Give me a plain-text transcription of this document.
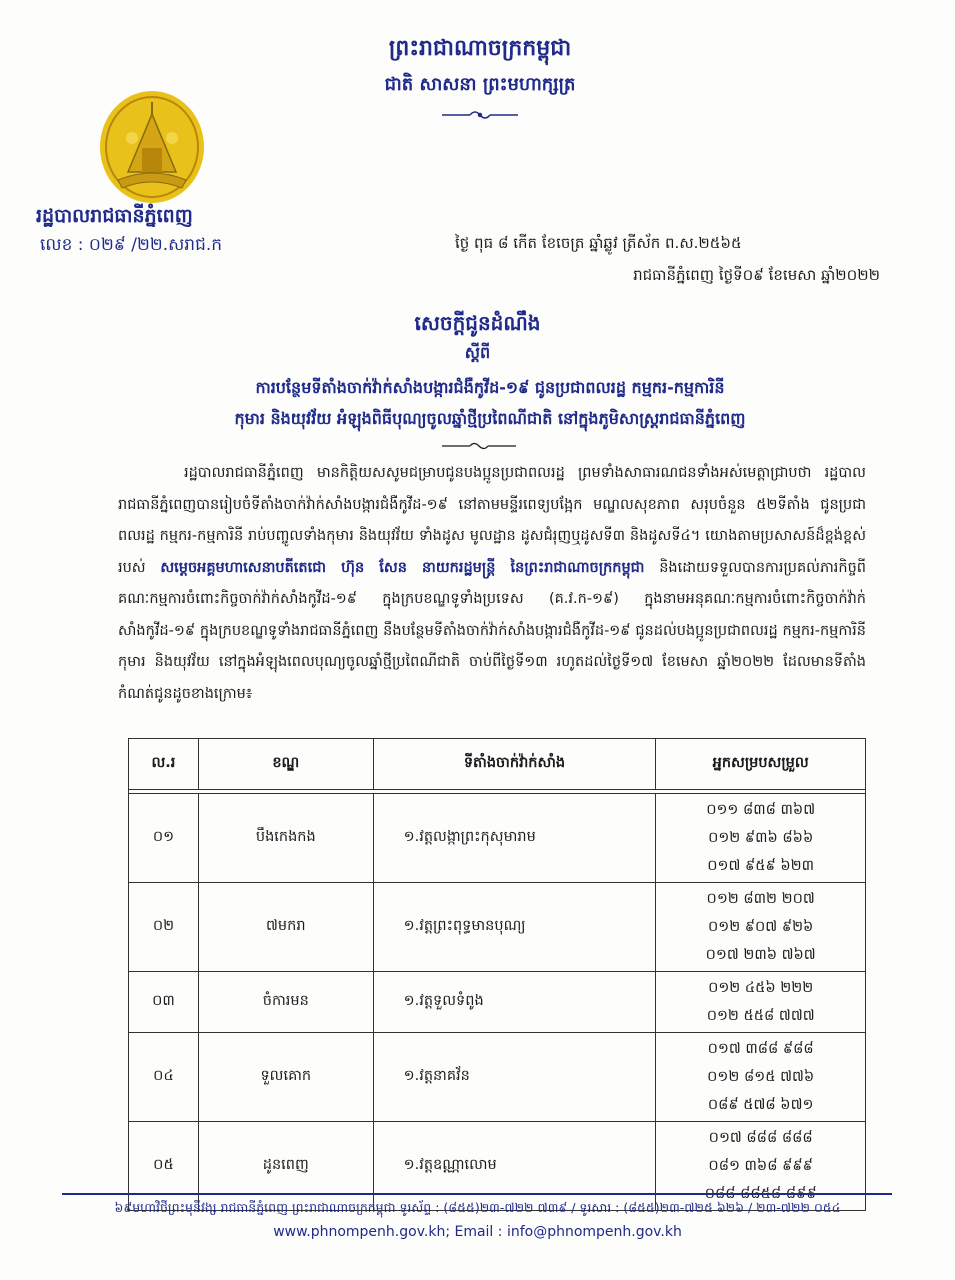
ព្រះរាជាណាចក្រកម្ពុជា
ជាតិ សាសនា ព្រះមហាក្សត្រ
រដ្ឋបាលរាជធានីភ្នំពេញ
លេខ : ០២៩ /២២.សរាជ.ក	ថ្ងៃ ពុធ ៨ កើត ខែចេត្រ ឆ្នាំឆ្លូវ ត្រីស័ក ព.ស.២៥៦៥
រាជធានីភ្នំពេញ ថ្ងៃទី០៩ ខែមេសា ឆ្នាំ២០២២
សេចក្តីជូនដំណឹង
ស្តីពី
ការបន្ថែមទីតាំងចាក់វ៉ាក់សាំងបង្ការជំងឺកូវីដ-១៩ ជូនប្រជាពលរដ្ឋ កម្មករ-កម្មការិនី
កុមារ និងយុវវ័យ អំឡុងពិធីបុណ្យចូលឆ្នាំថ្មីប្រពៃណីជាតិ នៅក្នុងភូមិសាស្ត្ររាជធានីភ្នំពេញ
រដ្ឋបាលរាជធានីភ្នំពេញ មានកិត្តិយសសូមជម្រាបជូនបងប្អូនប្រជាពលរដ្ឋ ព្រមទាំងសាធារណជនទាំងអស់មេត្តាជ្រាបថា រដ្ឋបាលរាជធានីភ្នំពេញបានរៀបចំទីតាំងចាក់វ៉ាក់សាំងបង្ការជំងឺកូវីដ-១៩ នៅតាមមន្ទីរពេទ្យបង្អែក មណ្ឌលសុខភាព សរុបចំនួន ៥២ទីតាំង ជូនប្រជាពលរដ្ឋ កម្មករ-កម្មការិនី រាប់បញ្ចូលទាំងកុមារ និងយុវវ័យ ទាំងដូស មូលដ្ឋាន ដូសជំរុញឬដូសទី៣ និងដូសទី៤។ យោងតាមប្រសាសន៍ដ៏ខ្ពង់ខ្ពស់របស់ សម្តេចអគ្គមហាសេនាបតីតេជោ ហ៊ុន សែន នាយករដ្ឋមន្ត្រី នៃព្រះរាជាណាចក្រកម្ពុជា និងដោយទទួលបានការប្រគល់ភារកិច្ចពីគណៈកម្មការចំពោះកិច្ចចាក់វ៉ាក់សាំងកូវីដ-១៩ ក្នុងក្របខណ្ឌទូទាំងប្រទេស (គ.វ.ក-១៩) ក្នុងនាមអនុគណៈកម្មការចំពោះកិច្ចចាក់វ៉ាក់សាំងកូវីដ-១៩ ក្នុងក្របខណ្ឌទូទាំងរាជធានីភ្នំពេញ នឹងបន្ថែមទីតាំងចាក់វ៉ាក់សាំងបង្ការជំងឺកូវីដ-១៩ ជូនដល់បងប្អូនប្រជាពលរដ្ឋ កម្មករ-កម្មការិនី កុមារ និងយុវវ័យ នៅក្នុងអំឡុងពេលបុណ្យចូលឆ្នាំថ្មីប្រពៃណីជាតិ ចាប់ពីថ្ងៃទី១៣ រហូតដល់ថ្ងៃទី១៧ ខែមេសា ឆ្នាំ២០២២ ដែលមានទីតាំងកំណត់ជូនដូចខាងក្រោម៖
ល.រ	ខណ្ឌ	ទីតាំងចាក់វ៉ាក់សាំង	អ្នកសម្របសម្រួល

០១	បឹងកេងកង	១.វត្តលង្កាព្រះកុសុមារាម	០១១ ៨៣៨ ៣៦៧
០១២ ៩៣៦ ៨៦៦
០១៧ ៩៥៩ ៦២៣

០២	៧មករា	១.វត្តព្រះពុទ្ធមានបុណ្យ	០១២ ៨៣២ ២០៧
០១២ ៩០៧ ៩២៦
០១៧ ២៣៦ ៧៦៧

០៣	ចំការមន	១.វត្តទួលទំពូង	០១២ ៤៥៦ ២២២
០១២ ៥៥៨ ៧៧៧

០៤	ទួលគោក	១.វត្តនាគវ័ន	០១៧ ៣៨៨ ៩៨៨
០១២ ៨១៥ ៧៧៦
០៨៩ ៥៧៨ ៦៧១

០៥	ដូនពេញ	១.វត្តឧណ្ណាលោម	០១៧ ៨៨៨ ៨៨៨
០៨១ ៣៦៨ ៩៩៩
០៨៨ ៨៨៥៨ ៨៩៩
៦៩មហាវិថីព្រះមុនីវង្ស រាជធានីភ្នំពេញ ព្រះរាជាណាចក្រកម្ពុជា ទូរស័ព្ទ : (៨៥៥)២៣-៧២២ ៧៣៩ / ទូរសារ : (៨៥៥)២៣-៧២៥ ៦២៦ / ២៣-៧២២ ០៥៤
www.phnompenh.gov.kh; Email : info@phnompenh.gov.kh
